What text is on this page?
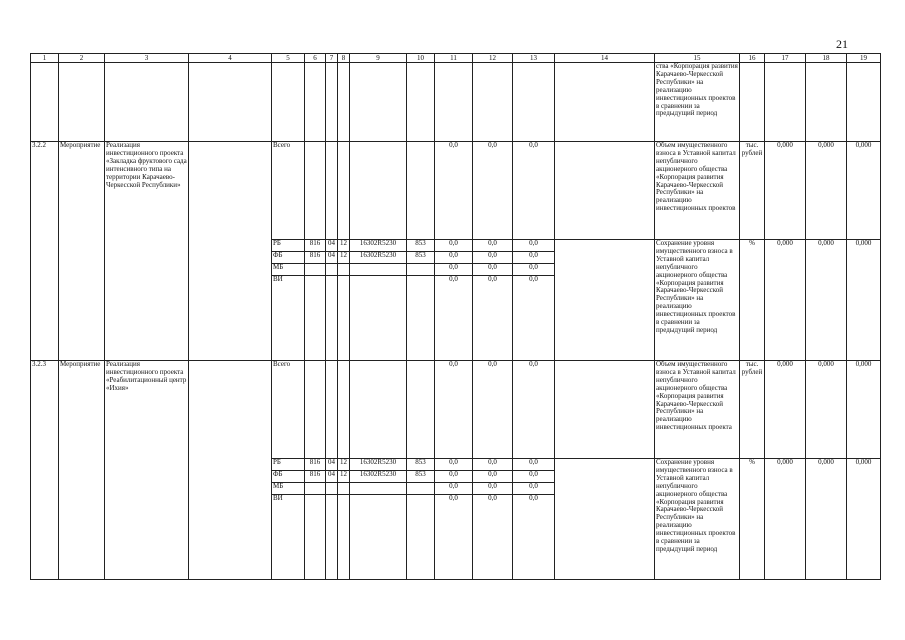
21
1	2	3	4	5	6	7	8	9	10	11	12	13	14	15	16	17	18	19
														ства «Корпорация развития Карачаево-Черкесской Республики» на реализацию инвестиционных проектов в сравнении за предыдущий период				
3.2.2	Мероприятие	Реализация инвестиционного проекта «Закладка фруктового сада интенсивного типа на территории Карачаево-Черкесской Республики»		Всего						0,0	0,0	0,0		Объем имущественного взноса в Уставной капитал непубличного акционерного общества «Корпорация развития Карачаево-Черкесской Республики» на реализацию инвестиционных проектов	тыс. рублей	0,000	0,000	0,000
				РБ	816	04	12	16302R5230	853	0,0	0,0	0,0		Сохранение уровня имущественного взноса в Уставной капитал непубличного акционерного общества «Корпорация развития Карачаево-Черкесской Республики» на реализацию инвестиционных проектов в сравнении за предыдущий период	%	0,000	0,000	0,000
				ФБ	816	04	12	16302R5230	853	0,0	0,0	0,0						
				МБ						0,0	0,0	0,0						
				ВИ						0,0	0,0	0,0						
3.2.3	Мероприятие	Реализация инвестиционного проекта «Реабилитационный центр «Ихия»		Всего						0,0	0,0	0,0		Объем имущественного взноса в Уставной капитал непубличного акционерного общества «Корпорация развития Карачаево-Черкесской Республики» на реализацию инвестиционных проекта	тыс. рублей	0,000	0,000	0,000
				РБ	816	04	12	16302R5230	853	0,0	0,0	0,0		Сохранение уровня имущественного взноса в Уставной капитал непубличного акционерного общества «Корпорация развития Карачаево-Черкесской Республики» на реализацию инвестиционных проектов в сравнении за предыдущий период	%	0,000	0,000	0,000
				ФБ	816	04	12	16302R5230	853	0,0	0,0	0,0						
				МБ						0,0	0,0	0,0						
				ВИ						0,0	0,0	0,0						
